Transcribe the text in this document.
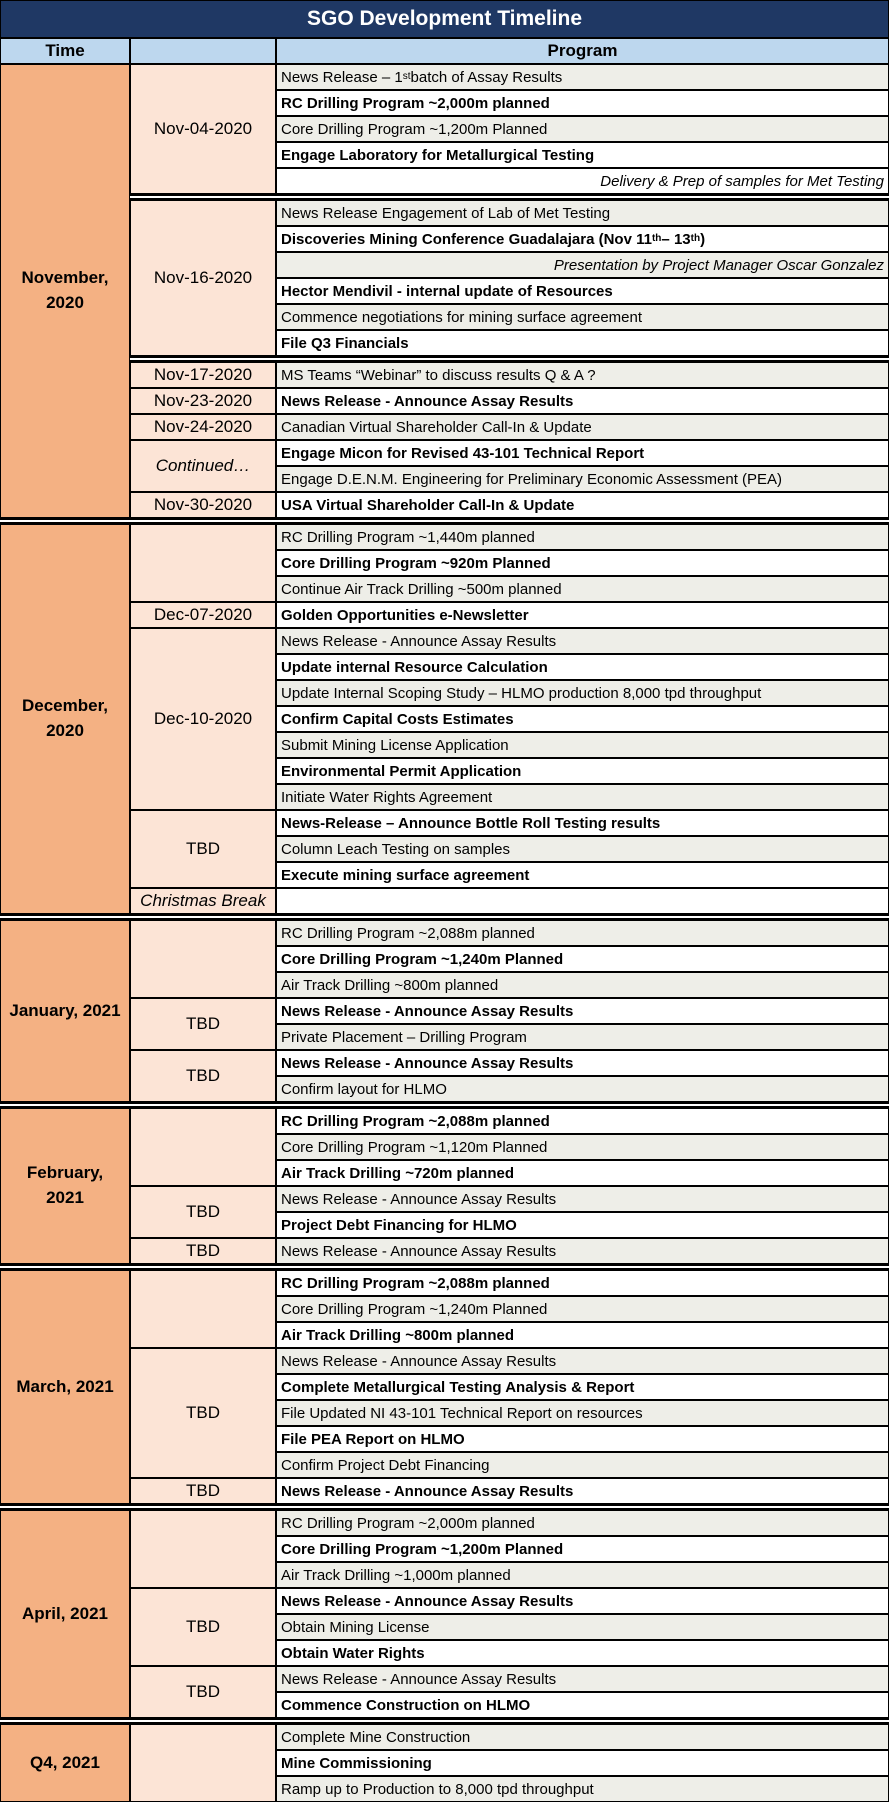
SGO Development Timeline
Time	Program
News Release – 1 st batch of Assay Results
RC Drilling Program ~2,000m planned
Core Drilling Program ~1,200m Planned
Engage Laboratory for Metallurgical Testing
Delivery & Prep of samples for Met Testing
Nov-04-2020
News Release Engagement of Lab of Met Testing
Discoveries Mining Conference Guadalajara (Nov 11 th – 13 th )
Presentation by Project Manager Oscar Gonzalez
Hector Mendivil - internal update of Resources
Commence negotiations for mining surface agreement
File Q3 Financials
Nov-16-2020
MS Teams “Webinar” to discuss results Q & A ?
Nov-17-2020
News Release - Announce Assay Results
Nov-23-2020
Canadian Virtual Shareholder Call-In & Update
Nov-24-2020
Engage Micon for Revised 43-101 Technical Report
Engage D.E.N.M. Engineering for Preliminary Economic Assessment (PEA)
Continued…
USA Virtual Shareholder Call-In & Update
Nov-30-2020
November, 2020
RC Drilling Program ~1,440m planned
Core Drilling Program ~920m Planned
Continue Air Track Drilling ~500m planned
Golden Opportunities e-Newsletter
Dec-07-2020
News Release - Announce Assay Results
Update internal Resource Calculation
Update Internal Scoping Study – HLMO production 8,000 tpd throughput
Confirm Capital Costs Estimates
Submit Mining License Application
Environmental Permit Application
Initiate Water Rights Agreement
Dec-10-2020
News-Release – Announce Bottle Roll Testing results
Column Leach Testing on samples
Execute mining surface agreement
TBD
Christmas Break
December, 2020
RC Drilling Program ~2,088m planned
Core Drilling Program ~1,240m Planned
Air Track Drilling ~800m planned
News Release - Announce Assay Results
Private Placement – Drilling Program
TBD
News Release - Announce Assay Results
Confirm layout for HLMO
TBD
January, 2021
RC Drilling Program ~2,088m planned
Core Drilling Program ~1,120m Planned
Air Track Drilling ~720m planned
News Release - Announce Assay Results
Project Debt Financing for HLMO
TBD
News Release - Announce Assay Results
TBD
February, 2021
RC Drilling Program ~2,088m planned
Core Drilling Program ~1,240m Planned
Air Track Drilling ~800m planned
News Release - Announce Assay Results
Complete Metallurgical Testing Analysis & Report
File Updated NI 43-101 Technical Report on resources
File PEA Report on HLMO
Confirm Project Debt Financing
TBD
News Release - Announce Assay Results
TBD
March, 2021
RC Drilling Program ~2,000m planned
Core Drilling Program ~1,200m Planned
Air Track Drilling ~1,000m planned
News Release - Announce Assay Results
Obtain Mining License
Obtain Water Rights
TBD
News Release - Announce Assay Results
Commence Construction on HLMO
TBD
April, 2021
Complete Mine Construction
Mine Commissioning
Ramp up to Production to 8,000 tpd throughput
Q4, 2021
